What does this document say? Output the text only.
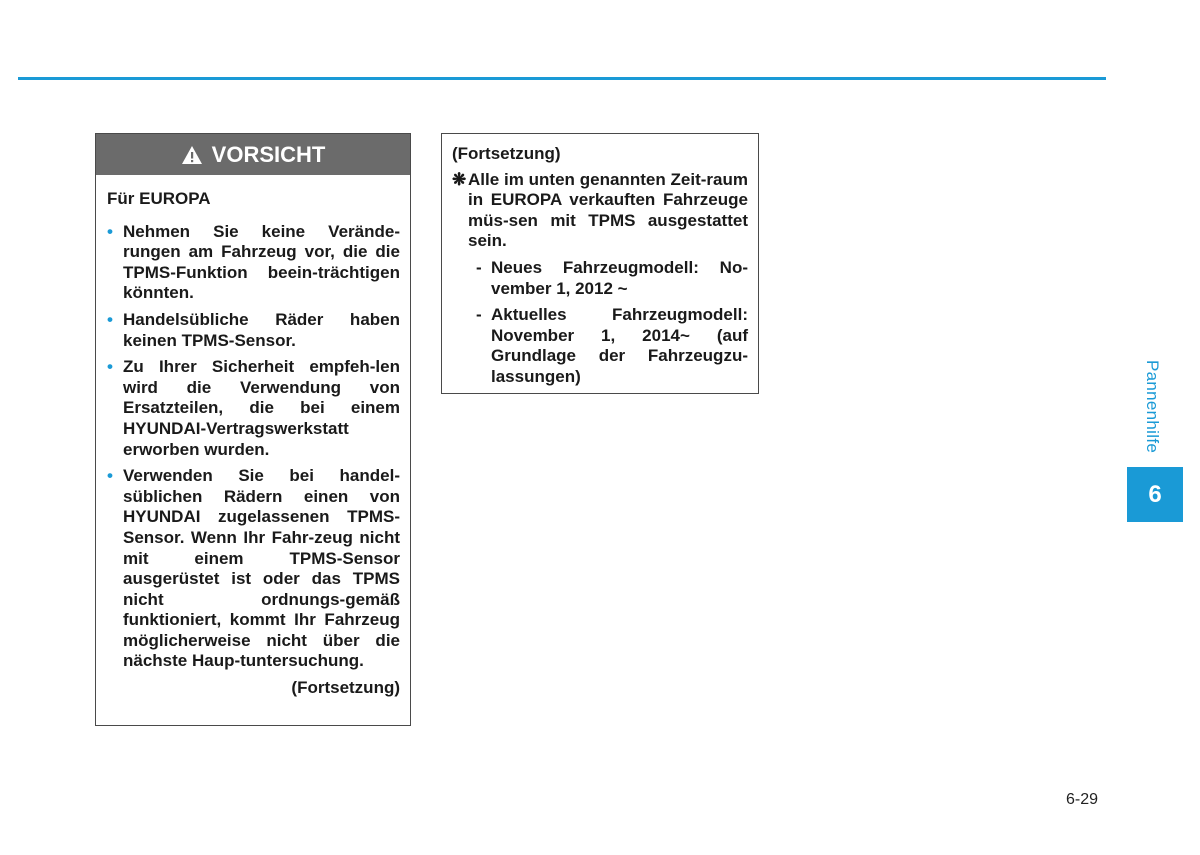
VORSICHT
Für EUROPA
• Nehmen Sie keine Verände-rungen am Fahrzeug vor, die die TPMS-Funktion beein-trächtigen könnten.
• Handelsübliche Räder haben keinen TPMS-Sensor.
• Zu Ihrer Sicherheit empfeh-len wird die Verwendung von Ersatzteilen, die bei einem HYUNDAI-Vertragswerkstatt erworben wurden.
• Verwenden Sie bei handel-süblichen Rädern einen von HYUNDAI zugelassenen TPMS-Sensor. Wenn Ihr Fahr-zeug nicht mit einem TPMS-Sensor ausgerüstet ist oder das TPMS nicht ordnungs-gemäß funktioniert, kommt Ihr Fahrzeug möglicherweise nicht über die nächste Haup-tuntersuchung.
(Fortsetzung)
(Fortsetzung)
❋ Alle im unten genannten Zeit-raum in EUROPA verkauften Fahrzeuge müs-sen mit TPMS ausgestattet sein.
- Neues Fahrzeugmodell: No-vember 1, 2012 ~
- Aktuelles Fahrzeugmodell: November 1, 2014~ (auf Grundlage der Fahrzeugzu-lassungen)	Pannenhilfe
6
6-29
